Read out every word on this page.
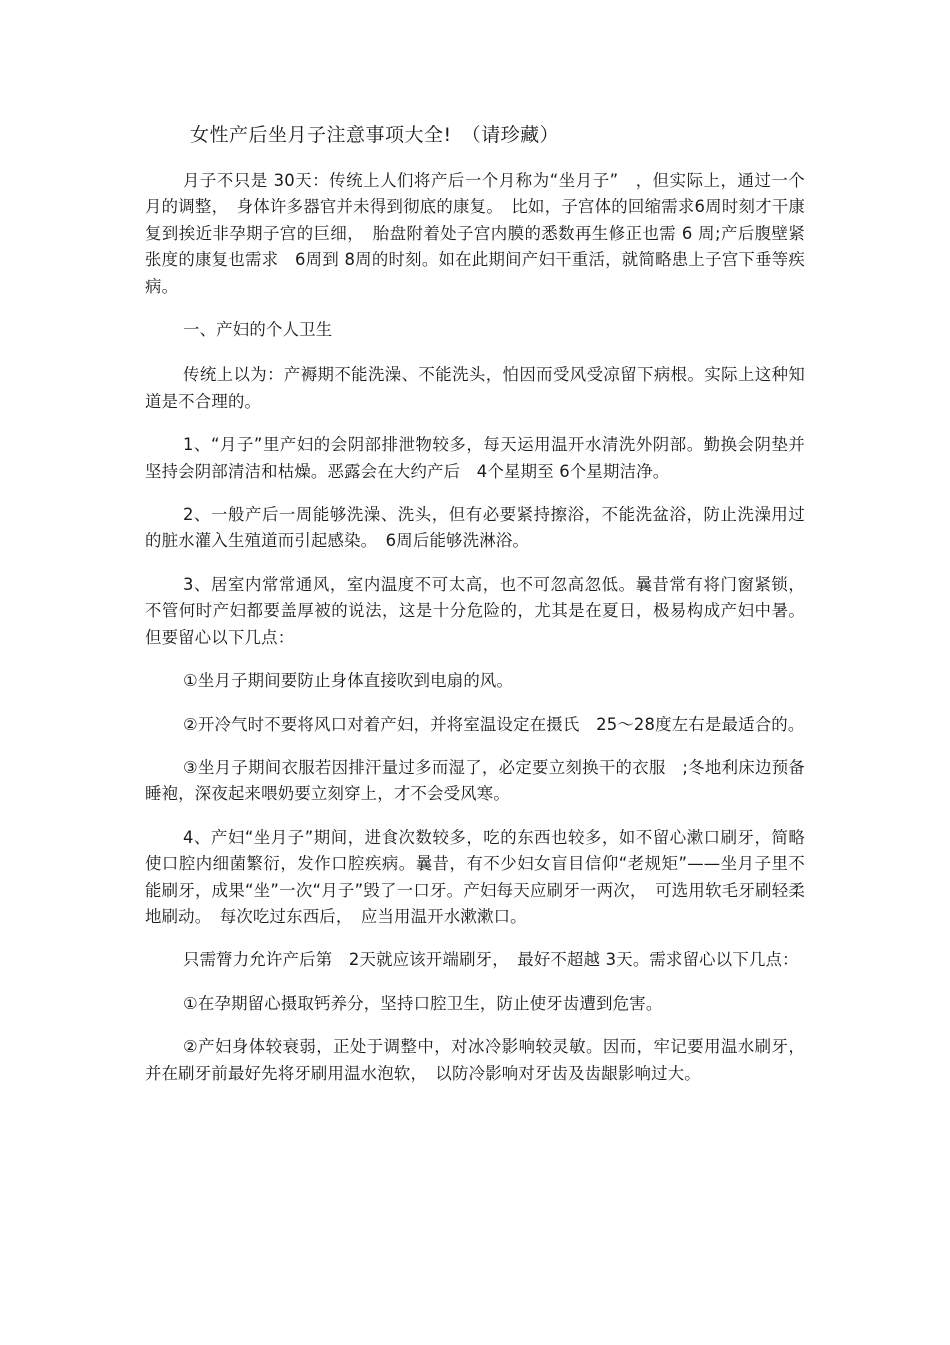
女性产后坐月子注意事项大全!　（请珍藏）

月子不只是 30天：传统上人们将产后一个月称为“坐月子”　，但实际上，通过一个月的调整，　身体许多器官并未得到彻底的康复。　比如，子宫体的回缩需求6周时刻才干康复到挨近非孕期子宫的巨细，　胎盘附着处子宫内膜的悉数再生修正也需 6 周;产后腹壁紧张度的康复也需求　6周到 8周的时刻。如在此期间产妇干重活，就简略患上子宫下垂等疾病。

一、产妇的个人卫生

传统上以为：产褥期不能洗澡、不能洗头，怕因而受风受凉留下病根。实际上这种知道是不合理的。

1、“月子”里产妇的会阴部排泄物较多，每天运用温开水清洗外阴部。勤换会阴垫并坚持会阴部清洁和枯燥。恶露会在大约产后　4个星期至 6个星期洁净。

2、一般产后一周能够洗澡、洗头，但有必要紧持擦浴，不能洗盆浴，防止洗澡用过的脏水灌入生殖道而引起感染。　6周后能够洗淋浴。

3、居室内常常通风，室内温度不可太高，也不可忽高忽低。曩昔常有将门窗紧锁，不管何时产妇都要盖厚被的说法，这是十分危险的，尤其是在夏日，极易构成产妇中暑。但要留心以下几点：

①坐月子期间要防止身体直接吹到电扇的风。

②开冷气时不要将风口对着产妇，并将室温设定在摄氏　25～28度左右是最适合的。

③坐月子期间衣服若因排汗量过多而湿了，必定要立刻换干的衣服　;冬地利床边预备睡袍，深夜起来喂奶要立刻穿上，才不会受风寒。

4、产妇“坐月子”期间，进食次数较多，吃的东西也较多，如不留心漱口刷牙，简略使口腔内细菌繁衍，发作口腔疾病。曩昔，有不少妇女盲目信仰“老规矩”——坐月子里不能刷牙，成果“坐”一次“月子”毁了一口牙。产妇每天应刷牙一两次，　可选用软毛牙刷轻柔地刷动。　每次吃过东西后，　应当用温开水漱漱口。

只需膂力允许产后第　2天就应该开端刷牙，　最好不超越 3天。需求留心以下几点：

①在孕期留心摄取钙养分，坚持口腔卫生，防止使牙齿遭到危害。

②产妇身体较衰弱，正处于调整中，对冰冷影响较灵敏。因而，牢记要用温水刷牙，并在刷牙前最好先将牙刷用温水泡软，　以防冷影响对牙齿及齿龈影响过大。
